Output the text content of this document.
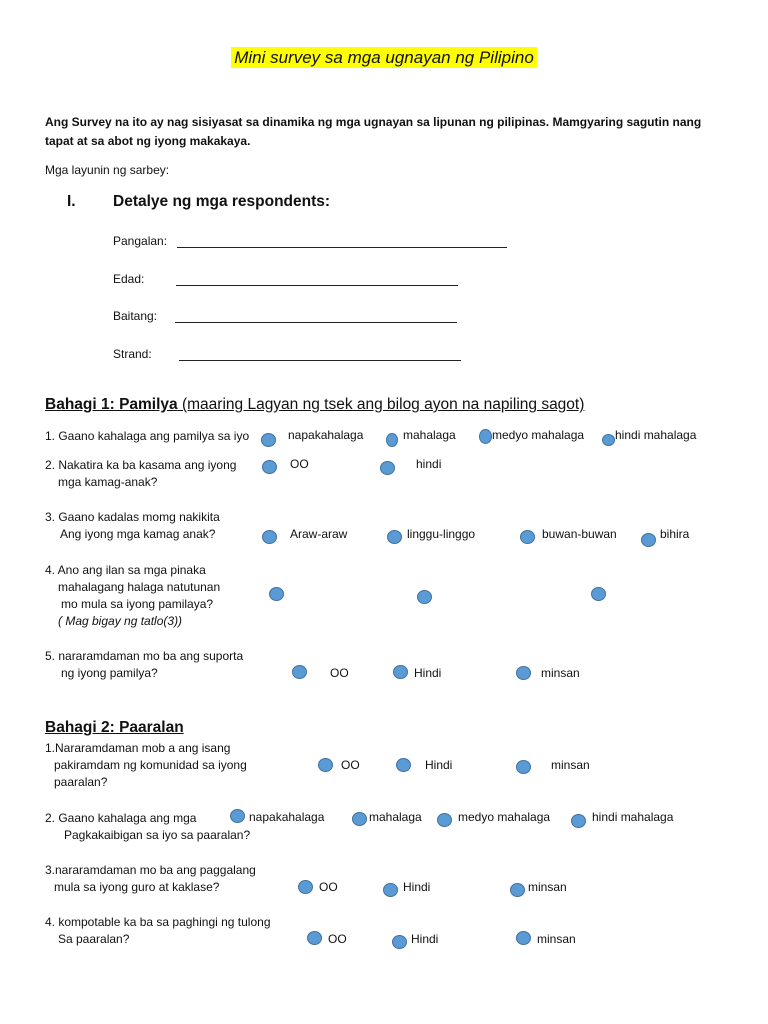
Mini survey sa mga ugnayan ng Pilipino
Ang Survey na ito ay nag sisiyasat sa dinamika ng mga ugnayan sa lipunan ng pilipinas. Mamgyaring sagutin nang tapat at sa abot ng iyong makakaya.
Mga layunin ng sarbey:
I. Detalye ng mga respondents:
Pangalan:
Edad:
Baitang:
Strand:
Bahagi 1: Pamilya (maaring Lagyan ng tsek ang bilog ayon na napiling sagot)
1. Gaano kahalaga ang pamilya sa iyo	napakahalaga	mahalaga	medyo mahalaga	hindi mahalaga
2. Nakatira ka ba kasama ang iyong
mga kamag-anak?
OO	hindi
3. Gaano kadalas momg nakikita
Ang iyong mga kamag anak?	Araw-araw	linggu-linggo	buwan-buwan	bihira
4. Ano ang ilan sa mga pinaka
mahalagang halaga natutunan
mo mula sa iyong pamilaya?
( Mag bigay ng tatlo(3))
5. nararamdaman mo ba ang suporta
ng iyong pamilya?	OO	Hindi	minsan
Bahagi 2: Paaralan
1.Nararamdaman mob a ang isang
pakiramdam ng komunidad sa iyong
paaralan?
OO	Hindi	minsan
2. Gaano kahalaga ang mga
Pagkakaibigan sa iyo sa paaralan?
napakahalaga	mahalaga	medyo mahalaga	hindi mahalaga
3.nararamdaman mo ba ang paggalang
mula sa iyong guro at kaklase?	OO	Hindi	minsan
4. kompotable ka ba sa paghingi ng tulong
Sa paaralan?	OO	Hindi	minsan
